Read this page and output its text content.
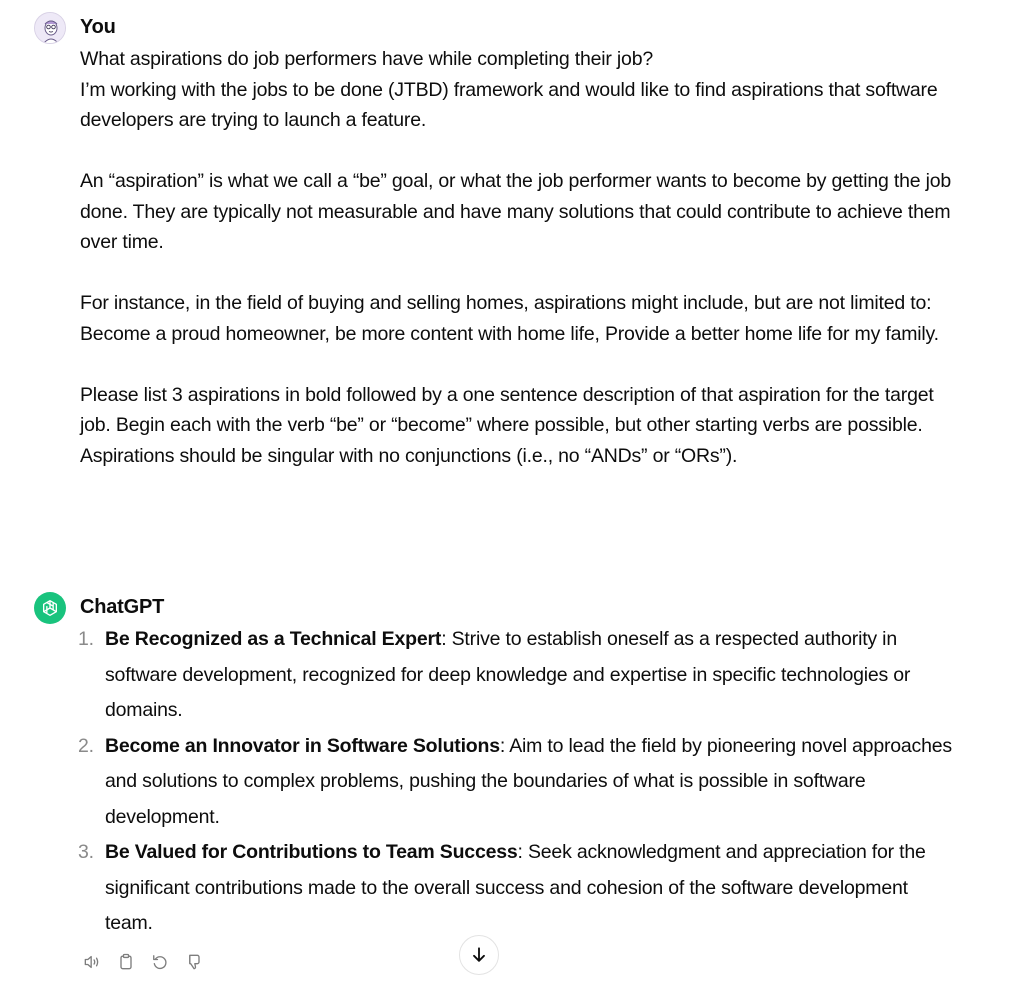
You

What aspirations do job performers have while completing their job?

I’m working with the jobs to be done (JTBD) framework and would like to find aspirations that software developers are trying to launch a feature.

An “aspiration” is what we call a “be” goal, or what the job performer wants to become by getting the job done. They are typically not measurable and have many solutions that could contribute to achieve them over time.

For instance, in the field of buying and selling homes, aspirations might include, but are not limited to: Become a proud homeowner, be more content with home life, Provide a better home life for my family.

Please list 3 aspirations in bold followed by a one sentence description of that aspiration for the target job. Begin each with the verb “be” or “become” where possible, but other starting verbs are possible. Aspirations should be singular with no conjunctions (i.e., no “ANDs” or “ORs”).

ChatGPT
1. Be Recognized as a Technical Expert: Strive to establish oneself as a respected authority in software development, recognized for deep knowledge and expertise in specific technologies or domains.
2. Become an Innovator in Software Solutions: Aim to lead the field by pioneering novel approaches and solutions to complex problems, pushing the boundaries of what is possible in software development.
3. Be Valued for Contributions to Team Success: Seek acknowledgment and appreciation for the significant contributions made to the overall success and cohesion of the software development team.
